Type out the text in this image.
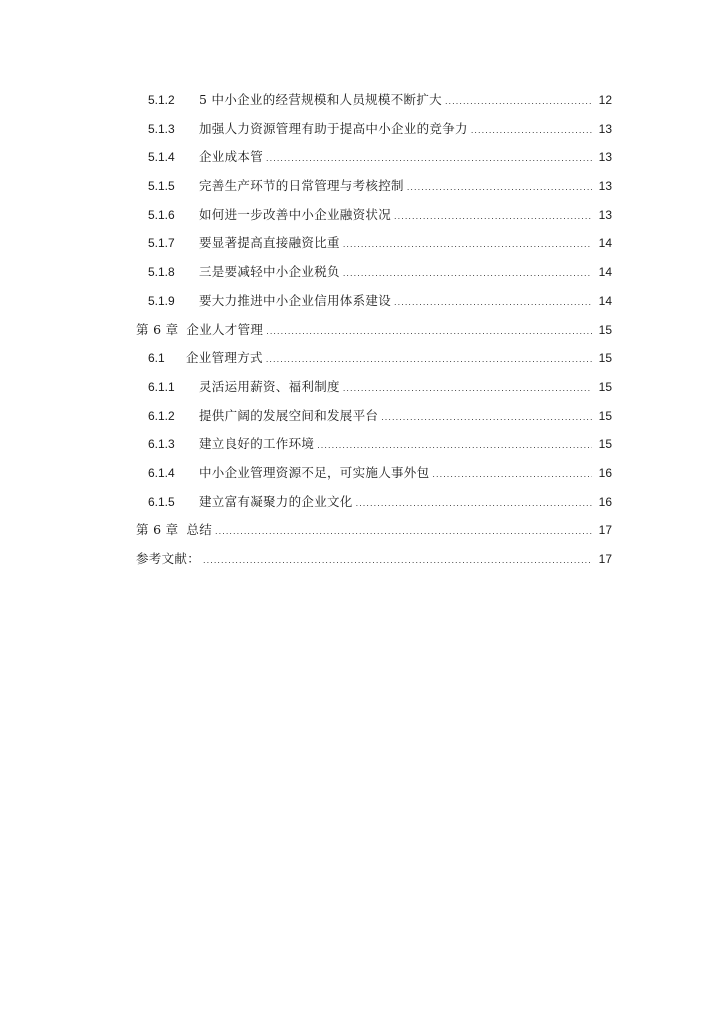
5.1.2	5 中小企业的经营规模和人员规模不断扩大 .....	12
5.1.3	加强人力资源管理有助于提高中小企业的竞争力 .....	13
5.1.4	企业成本管 .....	13
5.1.5	完善生产环节的日常管理与考核控制 .....	13
5.1.6	如何进一步改善中小企业融资状况 .....	13
5.1.7	要显著提高直接融资比重 .....	14
5.1.8	三是要减轻中小企业税负 .....	14
5.1.9	要大力推进中小企业信用体系建设 .....	14
第 6 章 企业人才管理 .....	15
6.1	企业管理方式 .....	15
6.1.1	灵活运用薪资、福利制度 .....	15
6.1.2	提供广阔的发展空间和发展平台 .....	15
6.1.3	建立良好的工作环境 .....	15
6.1.4	中小企业管理资源不足，可实施人事外包 .....	16
6.1.5	建立富有凝聚力的企业文化 .....	16
第 6 章 总结 .....	17
参考文献： .....	17
